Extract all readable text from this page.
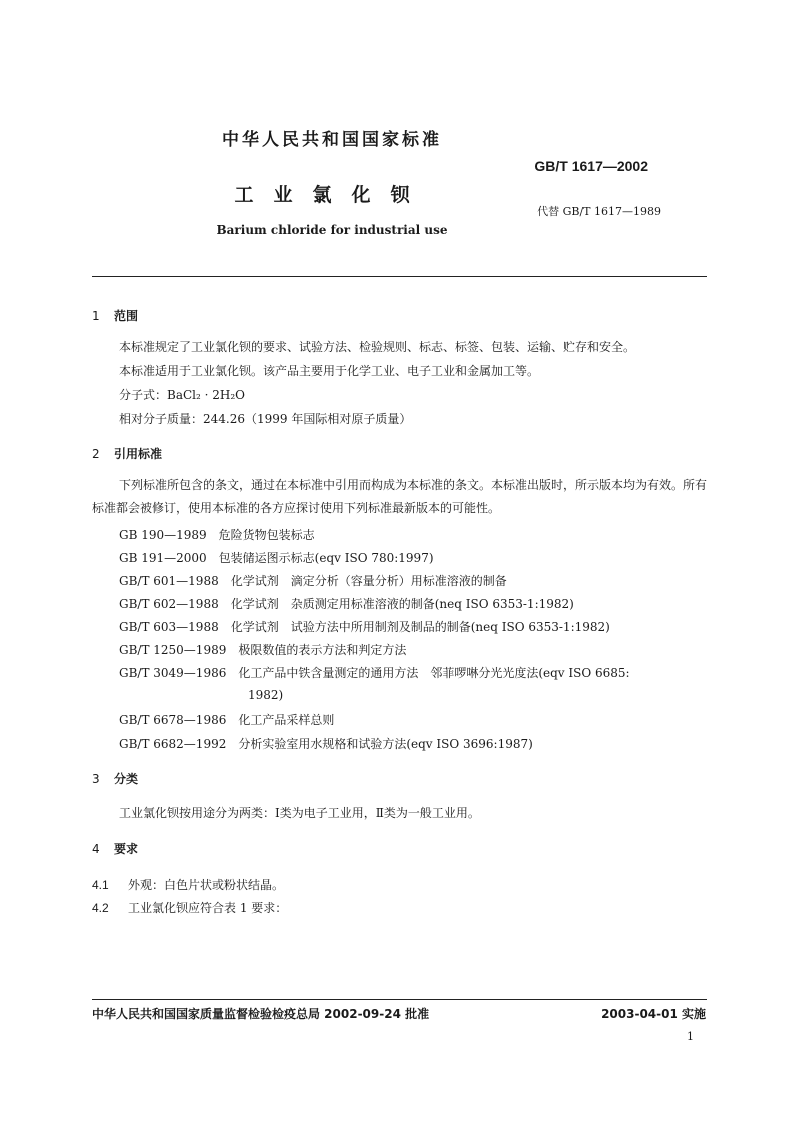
中华人民共和国国家标准
GB/T 1617—2002
工业氯化钡
代替 GB/T 1617—1989
Barium chloride for industrial use
1 范围
本标准规定了工业氯化钡的要求、试验方法、检验规则、标志、标签、包装、运输、贮存和安全。
本标准适用于工业氯化钡。该产品主要用于化学工业、电子工业和金属加工等。
分子式：BaCl₂ · 2H₂O
相对分子质量：244.26（1999 年国际相对原子质量）
2 引用标准
下列标准所包含的条文，通过在本标准中引用而构成为本标准的条文。本标准出版时，所示版本均为有效。所有标准都会被修订，使用本标准的各方应探讨使用下列标准最新版本的可能性。
GB 190—1989 危险货物包装标志
GB 191—2000 包装储运图示标志(eqv ISO 780:1997)
GB/T 601—1988 化学试剂　滴定分析（容量分析）用标准溶液的制备
GB/T 602—1988 化学试剂　杂质测定用标准溶液的制备(neq ISO 6353-1:1982)
GB/T 603—1988 化学试剂　试验方法中所用制剂及制品的制备(neq ISO 6353-1:1982)
GB/T 1250—1989 极限数值的表示方法和判定方法
GB/T 3049—1986 化工产品中铁含量测定的通用方法　邻菲啰啉分光光度法(eqv ISO 6685:
1982)
GB/T 6678—1986 化工产品采样总则
GB/T 6682—1992 分析实验室用水规格和试验方法(eqv ISO 3696:1987)
3 分类
工业氯化钡按用途分为两类：Ⅰ类为电子工业用，Ⅱ类为一般工业用。
4 要求
4.1 外观：白色片状或粉状结晶。
4.2 工业氯化钡应符合表 1 要求：
中华人民共和国国家质量监督检验检疫总局 2002-09-24 批准	2003-04-01 实施
1
